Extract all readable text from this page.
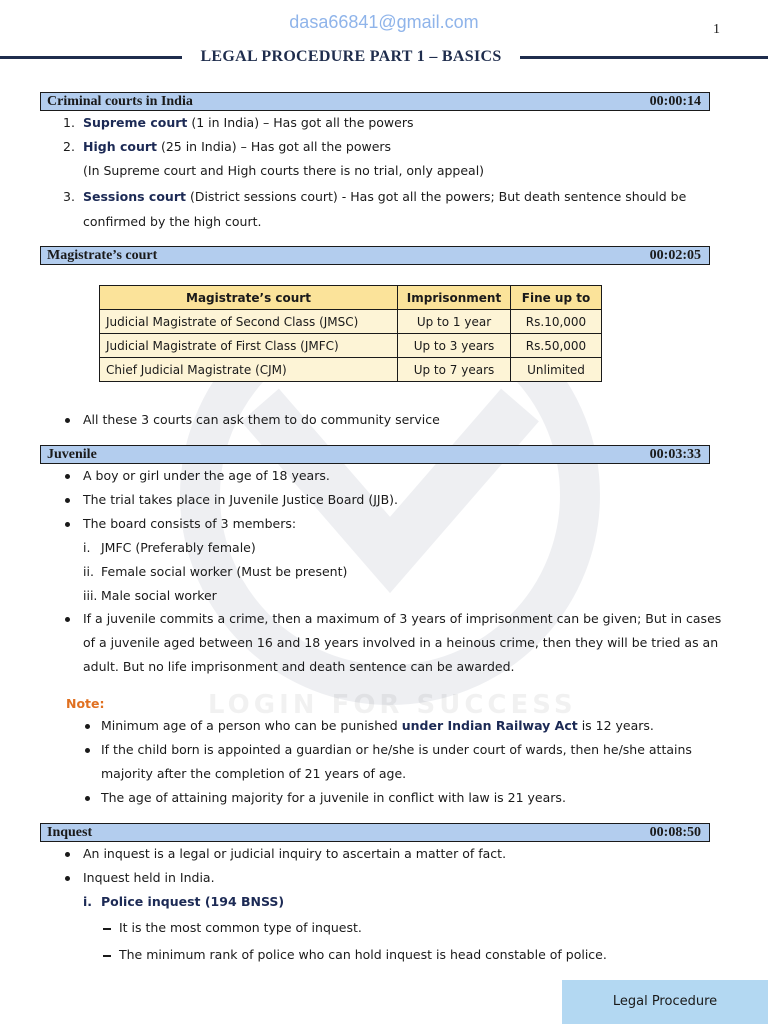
LOGIN FOR SUCCESS
dasa66841@gmail.com	1
LEGAL PROCEDURE PART 1 – BASICS
Criminal courts in India	00:00:14
1. Supreme court (1 in India) – Has got all the powers
2. High court (25 in India) – Has got all the powers
(In Supreme court and High courts there is no trial, only appeal)
3. Sessions court (District sessions court) - Has got all the powers; But death sentence should be
confirmed by the high court.
Magistrate’s court	00:02:05
Magistrate’s court	Imprisonment	Fine up to
Judicial Magistrate of Second Class (JMSC)	Up to 1 year	Rs.10,000
Judicial Magistrate of First Class (JMFC)	Up to 3 years	Rs.50,000
Chief Judicial Magistrate (CJM)	Up to 7 years	Unlimited
All these 3 courts can ask them to do community service
Juvenile	00:03:33
A boy or girl under the age of 18 years.
The trial takes place in Juvenile Justice Board (JJB).
The board consists of 3 members:
i. JMFC (Preferably female)
ii. Female social worker (Must be present)
iii. Male social worker
If a juvenile commits a crime, then a maximum of 3 years of imprisonment can be given; But in cases
of a juvenile aged between 16 and 18 years involved in a heinous crime, then they will be tried as an
adult. But no life imprisonment and death sentence can be awarded.
Note:
Minimum age of a person who can be punished under Indian Railway Act is 12 years.
If the child born is appointed a guardian or he/she is under court of wards, then he/she attains
majority after the completion of 21 years of age.
The age of attaining majority for a juvenile in conflict with law is 21 years.
Inquest	00:08:50
An inquest is a legal or judicial inquiry to ascertain a matter of fact.
Inquest held in India.
i. Police inquest (194 BNSS)
It is the most common type of inquest.
The minimum rank of police who can hold inquest is head constable of police.
Legal Procedure
